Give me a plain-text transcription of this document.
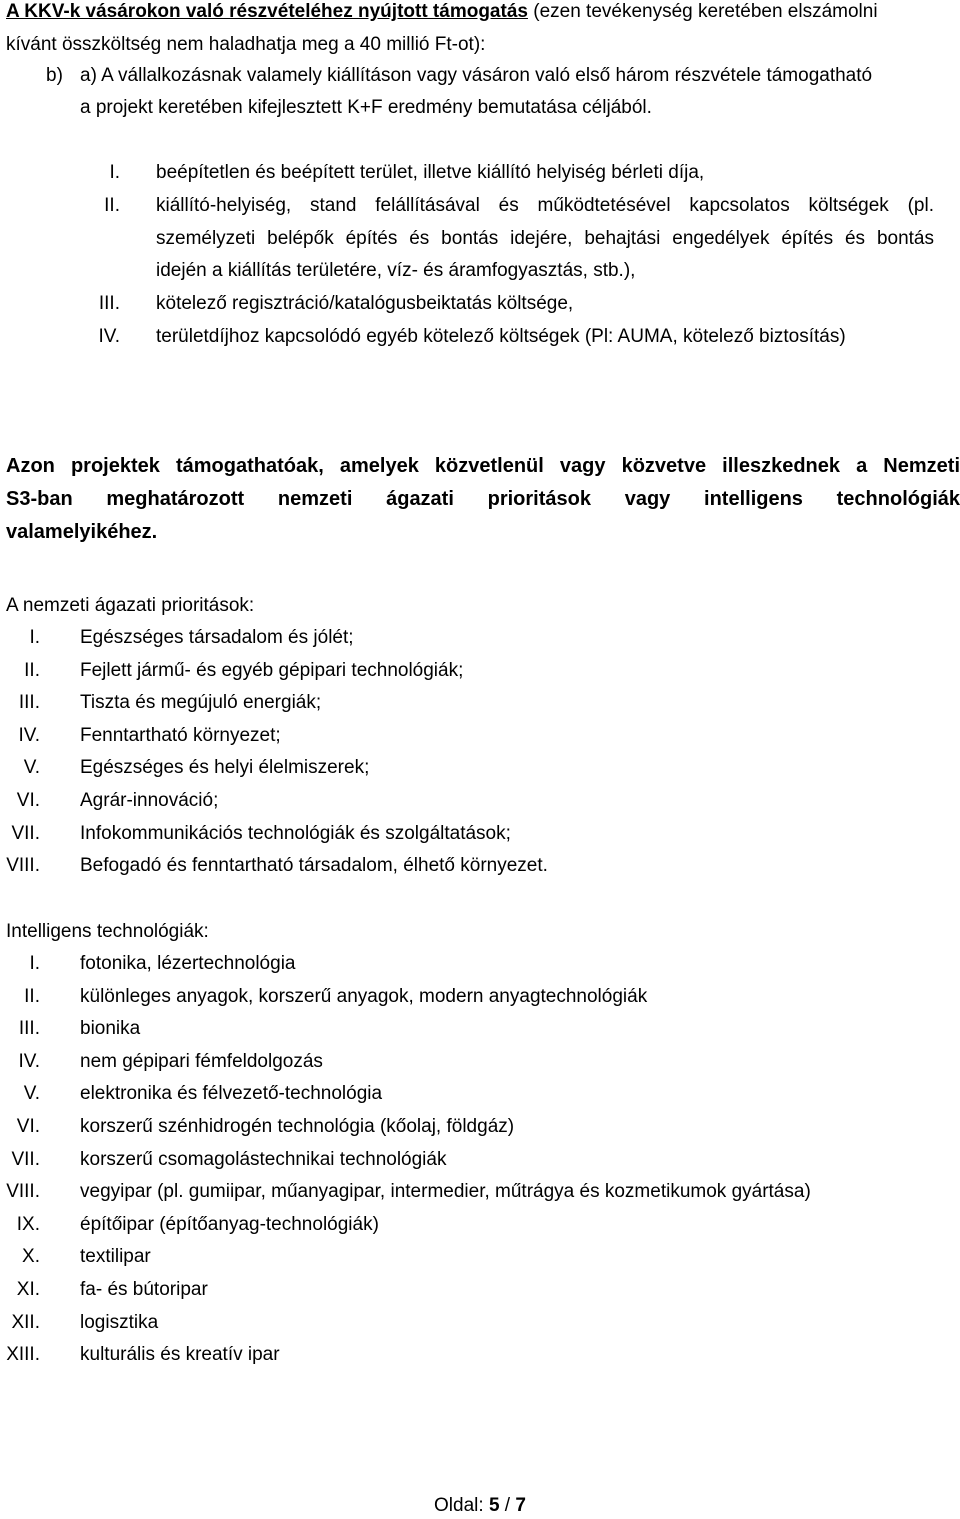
A KKV-k vásárokon való részvételéhez nyújtott támogatás (ezen tevékenység keretében elszámolni
kívánt összköltség nem haladhatja meg a 40 millió Ft-ot):
b) a) A vállalkozásnak valamely kiállításon vagy vásáron való első három részvétele támogatható
a projekt keretében kifejlesztett K+F eredmény bemutatása céljából.
I. beépítetlen és beépített terület, illetve kiállító helyiség bérleti díja,
II. kiállító-helyiség, stand felállításával és működtetésével kapcsolatos költségek (pl.
személyzeti belépők építés és bontás idejére, behajtási engedélyek építés és bontás
idején a kiállítás területére, víz- és áramfogyasztás, stb.),
III. kötelező regisztráció/katalógusbeiktatás költsége,
IV. területdíjhoz kapcsolódó egyéb kötelező költségek (Pl: AUMA, kötelező biztosítás)
Azon projektek támogathatóak, amelyek közvetlenül vagy közvetve illeszkednek a Nemzeti
S3-ban meghatározott nemzeti ágazati prioritások vagy intelligens technológiák
valamelyikéhez.
A nemzeti ágazati prioritások:
I. Egészséges társadalom és jólét;
II. Fejlett jármű- és egyéb gépipari technológiák;
III. Tiszta és megújuló energiák;
IV. Fenntartható környezet;
V. Egészséges és helyi élelmiszerek;
VI. Agrár-innováció;
VII. Infokommunikációs technológiák és szolgáltatások;
VIII. Befogadó és fenntartható társadalom, élhető környezet.
Intelligens technológiák:
I. fotonika, lézertechnológia
II. különleges anyagok, korszerű anyagok, modern anyagtechnológiák
III. bionika
IV. nem gépipari fémfeldolgozás
V. elektronika és félvezető-technológia
VI. korszerű szénhidrogén technológia (kőolaj, földgáz)
VII. korszerű csomagolástechnikai technológiák
VIII. vegyipar (pl. gumiipar, műanyagipar, intermedier, műtrágya és kozmetikumok gyártása)
IX. építőipar (építőanyag-technológiák)
X. textilipar
XI. fa- és bútoripar
XII. logisztika
XIII. kulturális és kreatív ipar
Oldal: 5 / 7
